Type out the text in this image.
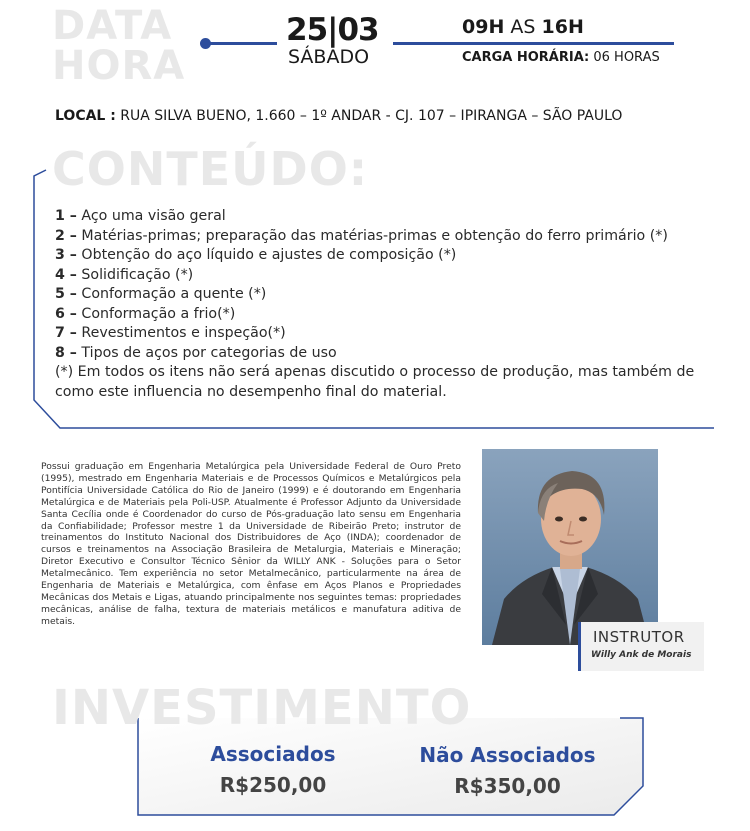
DATA
HORA
25|03
SÁBADO
09H AS 16H
CARGA HORÁRIA: 06 HORAS
LOCAL : RUA SILVA BUENO, 1.660 – 1º ANDAR - CJ. 107 – IPIRANGA – SÃO PAULO
CONTEÚDO:
1 – Aço uma visão geral
2 – Matérias-primas; preparação das matérias-primas e obtenção do ferro primário (*)
3 – Obtenção do aço líquido e ajustes de composição (*)
4 – Solidificação (*)
5 – Conformação a quente (*)
6 – Conformação a frio(*)
7 – Revestimentos e inspeção(*)
8 – Tipos de aços por categorias de uso
(*) Em todos os itens não será apenas discutido o processo de produção, mas também de como este influencia no desempenho final do material.
Possui graduação em Engenharia Metalúrgica pela Universidade Federal de Ouro Preto (1995), mestrado em Engenharia Materiais e de Processos Químicos e Metalúrgicos pela Pontifícia Universidade Católica do Rio de Janeiro (1999) e é doutorando em Engenharia Metalúrgica e de Materiais pela Poli-USP. Atualmente é Professor Adjunto da Universidade Santa Cecília onde é Coordenador do curso de Pós-graduação lato sensu em Engenharia da Confiabilidade; Professor mestre 1 da Universidade de Ribeirão Preto; instrutor de treinamentos do Instituto Nacional dos Distribuidores de Aço (INDA); coordenador de cursos e treinamentos na Associação Brasileira de Metalurgia, Materiais e Mineração; Diretor Executivo e Consultor Técnico Sênior da WILLY ANK - Soluções para o Setor Metalmecânico. Tem experiência no setor Metalmecânico, particularmente na área de Engenharia de Materiais e Metalúrgica, com ênfase em Aços Planos e Propriedades Mecânicas dos Metais e Ligas, atuando principalmente nos seguintes temas: propriedades mecânicas, análise de falha, textura de materiais metálicos e manufatura aditiva de metais.
INSTRUTOR
Willy Ank de Morais
INVESTIMENTO
Associados
R$250,00
Não Associados
R$350,00
